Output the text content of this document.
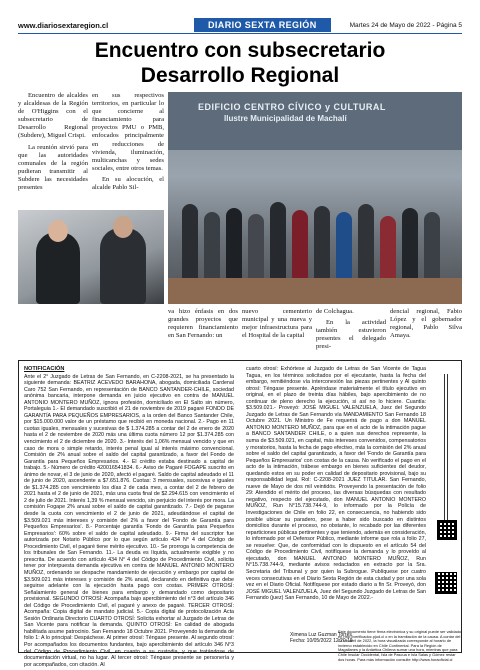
www.diariosextaregion.cl	DIARIO SEXTA REGIÓN	Martes 24 de Mayo de 2022 - Página 5
Encuentro con subsecretario
Desarrollo Regional

Encuentro de alcaldes y alcaldesas de la Región de O'Higgins con el subsecretario de Desarrollo Regional (Subdere), Miguel Crispi.

La reunión sirvió para que las autoridades comunales de la región pudieran transmitir al Subdere las necesidades presentes

en sus respectivos territorios, en particular lo que concierne al financiamiento para proyectos PMU o PMB, enfocados principalmente en reducciones de vivienda, iluminación, multicanchas y sedes sociales, entre otros temas.

En su alocución, el alcalde Pablo Sil-

EDIFICIO CENTRO CÍVICO y CULTURAL
Ilustre Municipalidad de Machalí

va hizo énfasis en dos grandes proyectos que requieren financiamiento en San Fernando: un

nuevo cementerio municipal y una nueva y mejor infraestructura para el Hospital de la capital

de Colchagua.

En la actividad también estuvieron presentes el delegado presi-

dencial regional, Fabio López y el gobernador regional, Pablo Silva Amaya.

NOTIFICACIÓN
Ante el 2° Juzgado de Letras de San Fernando, en C-2208-2021, se ha presentado la siguiente demanda: BEATRIZ ACEVEDO BARAHONA, abogada, domiciliada Cardenal Caro 752 San Fernando, en representación de BANCO SANTANDER-CHILE, sociedad anónima bancaria, interpone demanda en juicio ejecutivo en contra de MANUEL ANTONIO MONTERO MUÑOZ, ignora profesión, domiciliado en El Salto sin número, Portaleguia 1.- El demandado suscribió el 21 de noviembre de 2019 pagaré FONDO DE GARANTÍA PARA PEQUEÑOS EMPRESARIOS, a la orden del Banco Santander Chile, por $15.000.000 valor de un préstamo que recibió en moneda nacional. 2.- Pago en 11 cuotas iguales, mensuales y sucesivas de $ 1.374.285 a contar del 2 de enero de 2020 hasta el 2 de noviembre de 2020 más una última cuota número 12 por $1.374.285 con vencimiento el 2 de diciembre de 2020. 3.- Interés del 1,06% mensual vencido y que en caso de mora o simple retardo, interés penal igual al interés máximo convencional. Comisión de 2% anual sobre el saldo del capital garantizado, a favor del Fondo de Garantía para Pequeños Empresarios. 4.- El crédito estaba destinado a capital de trabajo. 5.- Número de crédito 420016541834. 6.- Aviso de Pagaré FOGAPE suscrito en ánimo de novar, el 3 de junio de 2020, afectó el pagaré. Saldo de capital adeudado el 11 de junio de 2020, ascendente a $7.651.876. Cuotas: 3 mensuales, sucesivas e iguales de $1.374.285 con vencimiento los días 2 de cada mes, a contar del 2 de febrero de 2021 hasta el 2 de junio de 2021, más una cuota final de $2.294.615 con vencimiento el 2 de julio de 2021. Interés 1,39 % mensual vencido, sin perjuicio del interés por mora. La comisión Fogape 2% anual sobre el saldo de capital garantizado. 7.- Dejó de pagarse desde la cuota con vencimiento el 2 de junio de 2021, adeudándose el capital de $3.509.021 más intereses y comisión del 2% a favor del 'Fondo de Garantía para Pequeños Empresarios'. 8.- Porcentaje garantía 'Fondo de Garantía para Pequeños Empresarios': 60% sobre el saldo de capital adeudado. 9.- Firma del suscriptor fue autorizada por Notario Público por lo que según artículo 434 N° 4 del Código de Procedimiento Civil, el pagaré tiene mérito ejecutivo. 10.- Se prorroga la competencia de los tribunales de San Fernando. 11.- La deuda es líquida, actualmente exigible y no prescrita. De acuerdo con artículo 434 N° 4 del Código de Procedimiento Civil, solicita tener por interpuesta demanda ejecutiva en contra de MANUEL ANTONIO MONTERO MUÑOZ, ordenando se despache mandamiento de ejecución y embargo por capital de $3.509.021 más intereses y comisión de 2% anual, declarando en definitiva que debe seguirse adelante con la ejecución hasta pago con costas. PRIMER OTROSÍ: Señalamiento general de bienes para embargo y demandado como depositario provisional. SEGUNDO OTROSÍ: Acompaña bajo apercibimiento del n°3 del artículo 346 del Código de Procedimiento Civil, el pagaré y anexo de pagaré. TERCER OTROSÍ: Acompaña: Copia digital de mandato judicial. 5.- Copia digital de protocolización Acta Sesión Ordinaria Directorio CUARTO OTROSÍ: Solicita exhortar al Juzgado de Letras de San Vicente para notificar la demanda. QUINTO OTROSÍ: En calidad de abogada habilitada asume patrocinio. San Fernando 18 Octubre 2021. Proveyendo la demanda de folio 1: A lo principal: Despáchese. Al primer otrosí: Téngase presente. Al segundo otrosí: Por acompañados los documentos fundantes, bajo apercibimiento del artículo 346 N°3 del Código de Procedimiento Civil, en cuanto a su custodia, y que tratándose de documentación virtual, no ha lugar. Al tercer otrosí: Téngase presente se personería y por acompañados, con citación. Al
cuarto otrosí: Exhórtese al Juzgado de Letras de San Vicente de Tagua Tagua, en los términos solicitados por el ejecutante, hasta la fecha del embargo, remitiéndose vía interconexión las piezas pertinentes y Al quinto otrosí: Téngase presente. Apréndase materialmente el título ejecutivo en original, en el plazo de treinta días hábiles, bajo apercibimiento de no continuar de pleno derecho la ejecución, si así no lo hiciere. Cuantía: $3.509.021.- Proveyó: JOSÉ MIGUEL VALENZUELA, Juez del Segundo Juzgado de Letras de San Fernando vía MANDAMIENTO San Fernando 18 Octubre 2021. Un Ministro de Fe requerirá de pago a don MANUEL ANTONIO MONTERO MUÑOZ, para que en el acto de la intimación pague a BANCO SANTANDER CHILE, o a quien sus derechos represente, la suma de $3.509.021, en capital, más intereses convenidos, compensatorios y moratorios, hasta la fecha de pago efectivo, más la comisión del 2% anual sobre el saldo del capital garantizado, a favor del 'Fondo de Garantía para Pequeños Empresarios' con costas de la causa. No verificado el pago en el acto de la intimación, trábese embargo en bienes suficientes del deudor, quedando estos en su poder en calidad de depositario provisional, bajo su responsabilidad legal. Rol: C-2208-2021 JUEZ TITULAR. San Fernando, nueve de Mayo de dos mil veintidós. Proveyendo la presentación de folio 29: Atendido el mérito del proceso, las diversas búsquedas con resultado negativo, respecto del ejecutado, don MANUEL ANTONIO MONTERO MUÑOZ, Run N°15.738.744-9, lo informado por la Policía de Investigaciones de Chile en folio 22, en consecuencia, no habiendo sido posible ubicar su paradero, pese a haber sido buscado en distintos domicilios durante el proceso, no obstante, lo recabado por las diferentes reparticiones públicas pertinentes y que teniendo, además en consideración, lo informado por el Defensor Público, mediante informe que rola a folio 27, se resuelve: Que, de conformidad con lo dispuesto en el artículo 54 del Código de Procedimiento Civil, notifíquese la demanda y lo proveído al ejecutado, don MANUEL ANTONIO MONTERO MUÑOZ, Run N°15.738.744-9, mediante avisos redactados en extracto por la Sra. Secretaria del Tribunal y por quien la Subrogue. Publíquese por cuatro veces consecutivas en el Diario Sexta Región de esta ciudad y por una sola vez en el Diario Oficial. Notifíquese por estado diario a fin Sr. Proveyó, don JOSÉ MIGUEL VALENZUELA, Juez del Segundo Juzgado de Letras de San Fernando (juez) San Fernando, 10 de Mayo de 2022.-
Ximena Luz Guzman Torres
Fecha: 10/05/2022 12:20:19
Este documento tiene firma electrónica y su original puede ser validado en http://verificadoc.pjud.cl o en la tramitación de la causa. A contar del 03 de abril de 2022, la hora visualizada corresponde al horario de invierno establecido en Chile Continental. Para la Región de Magallanes y la Antártica Chilena sumar una hora, mientras que para Chile Insular Occidental, Isla de Pascua e Isla Salas y Gómez restar dos horas. Para más información consulte http://www.horaoficial.cl
